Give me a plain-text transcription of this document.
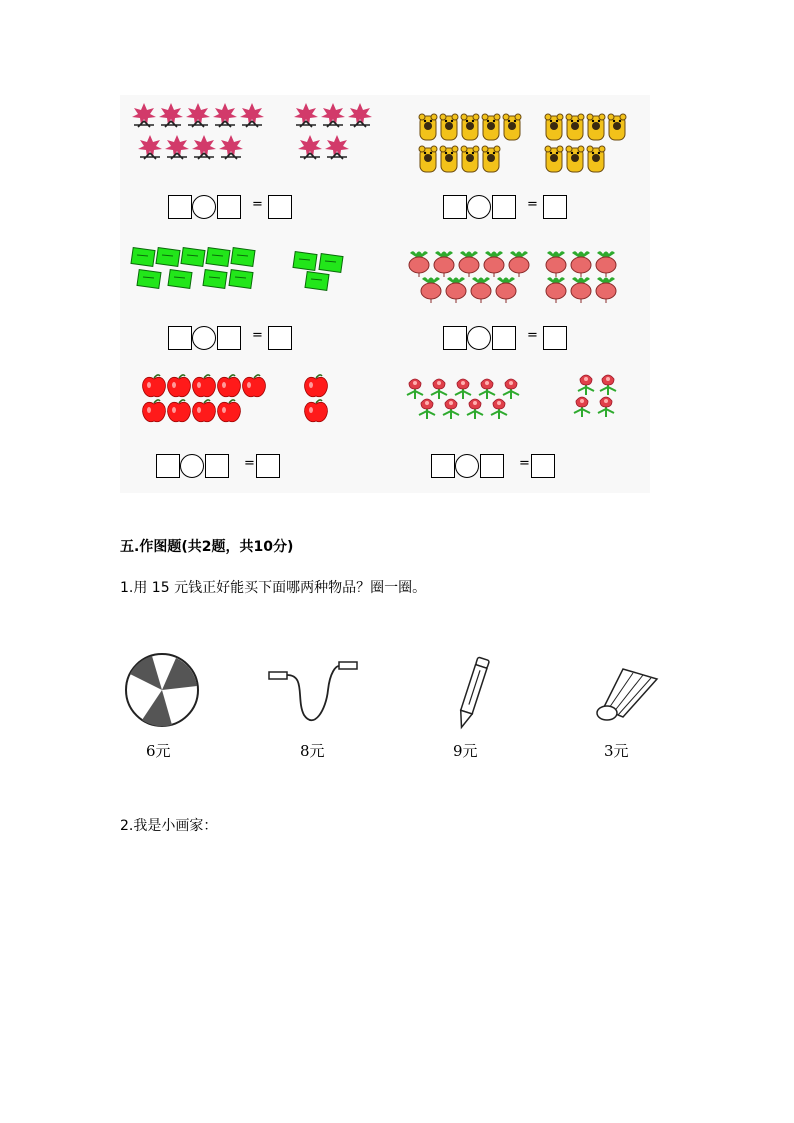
=	=
=	=
=	=
五.作图题(共2题，共10分)
1.用 15 元钱正好能买下面哪两种物品？圈一圈。
6元	8元	9元	3元
2.我是小画家：
